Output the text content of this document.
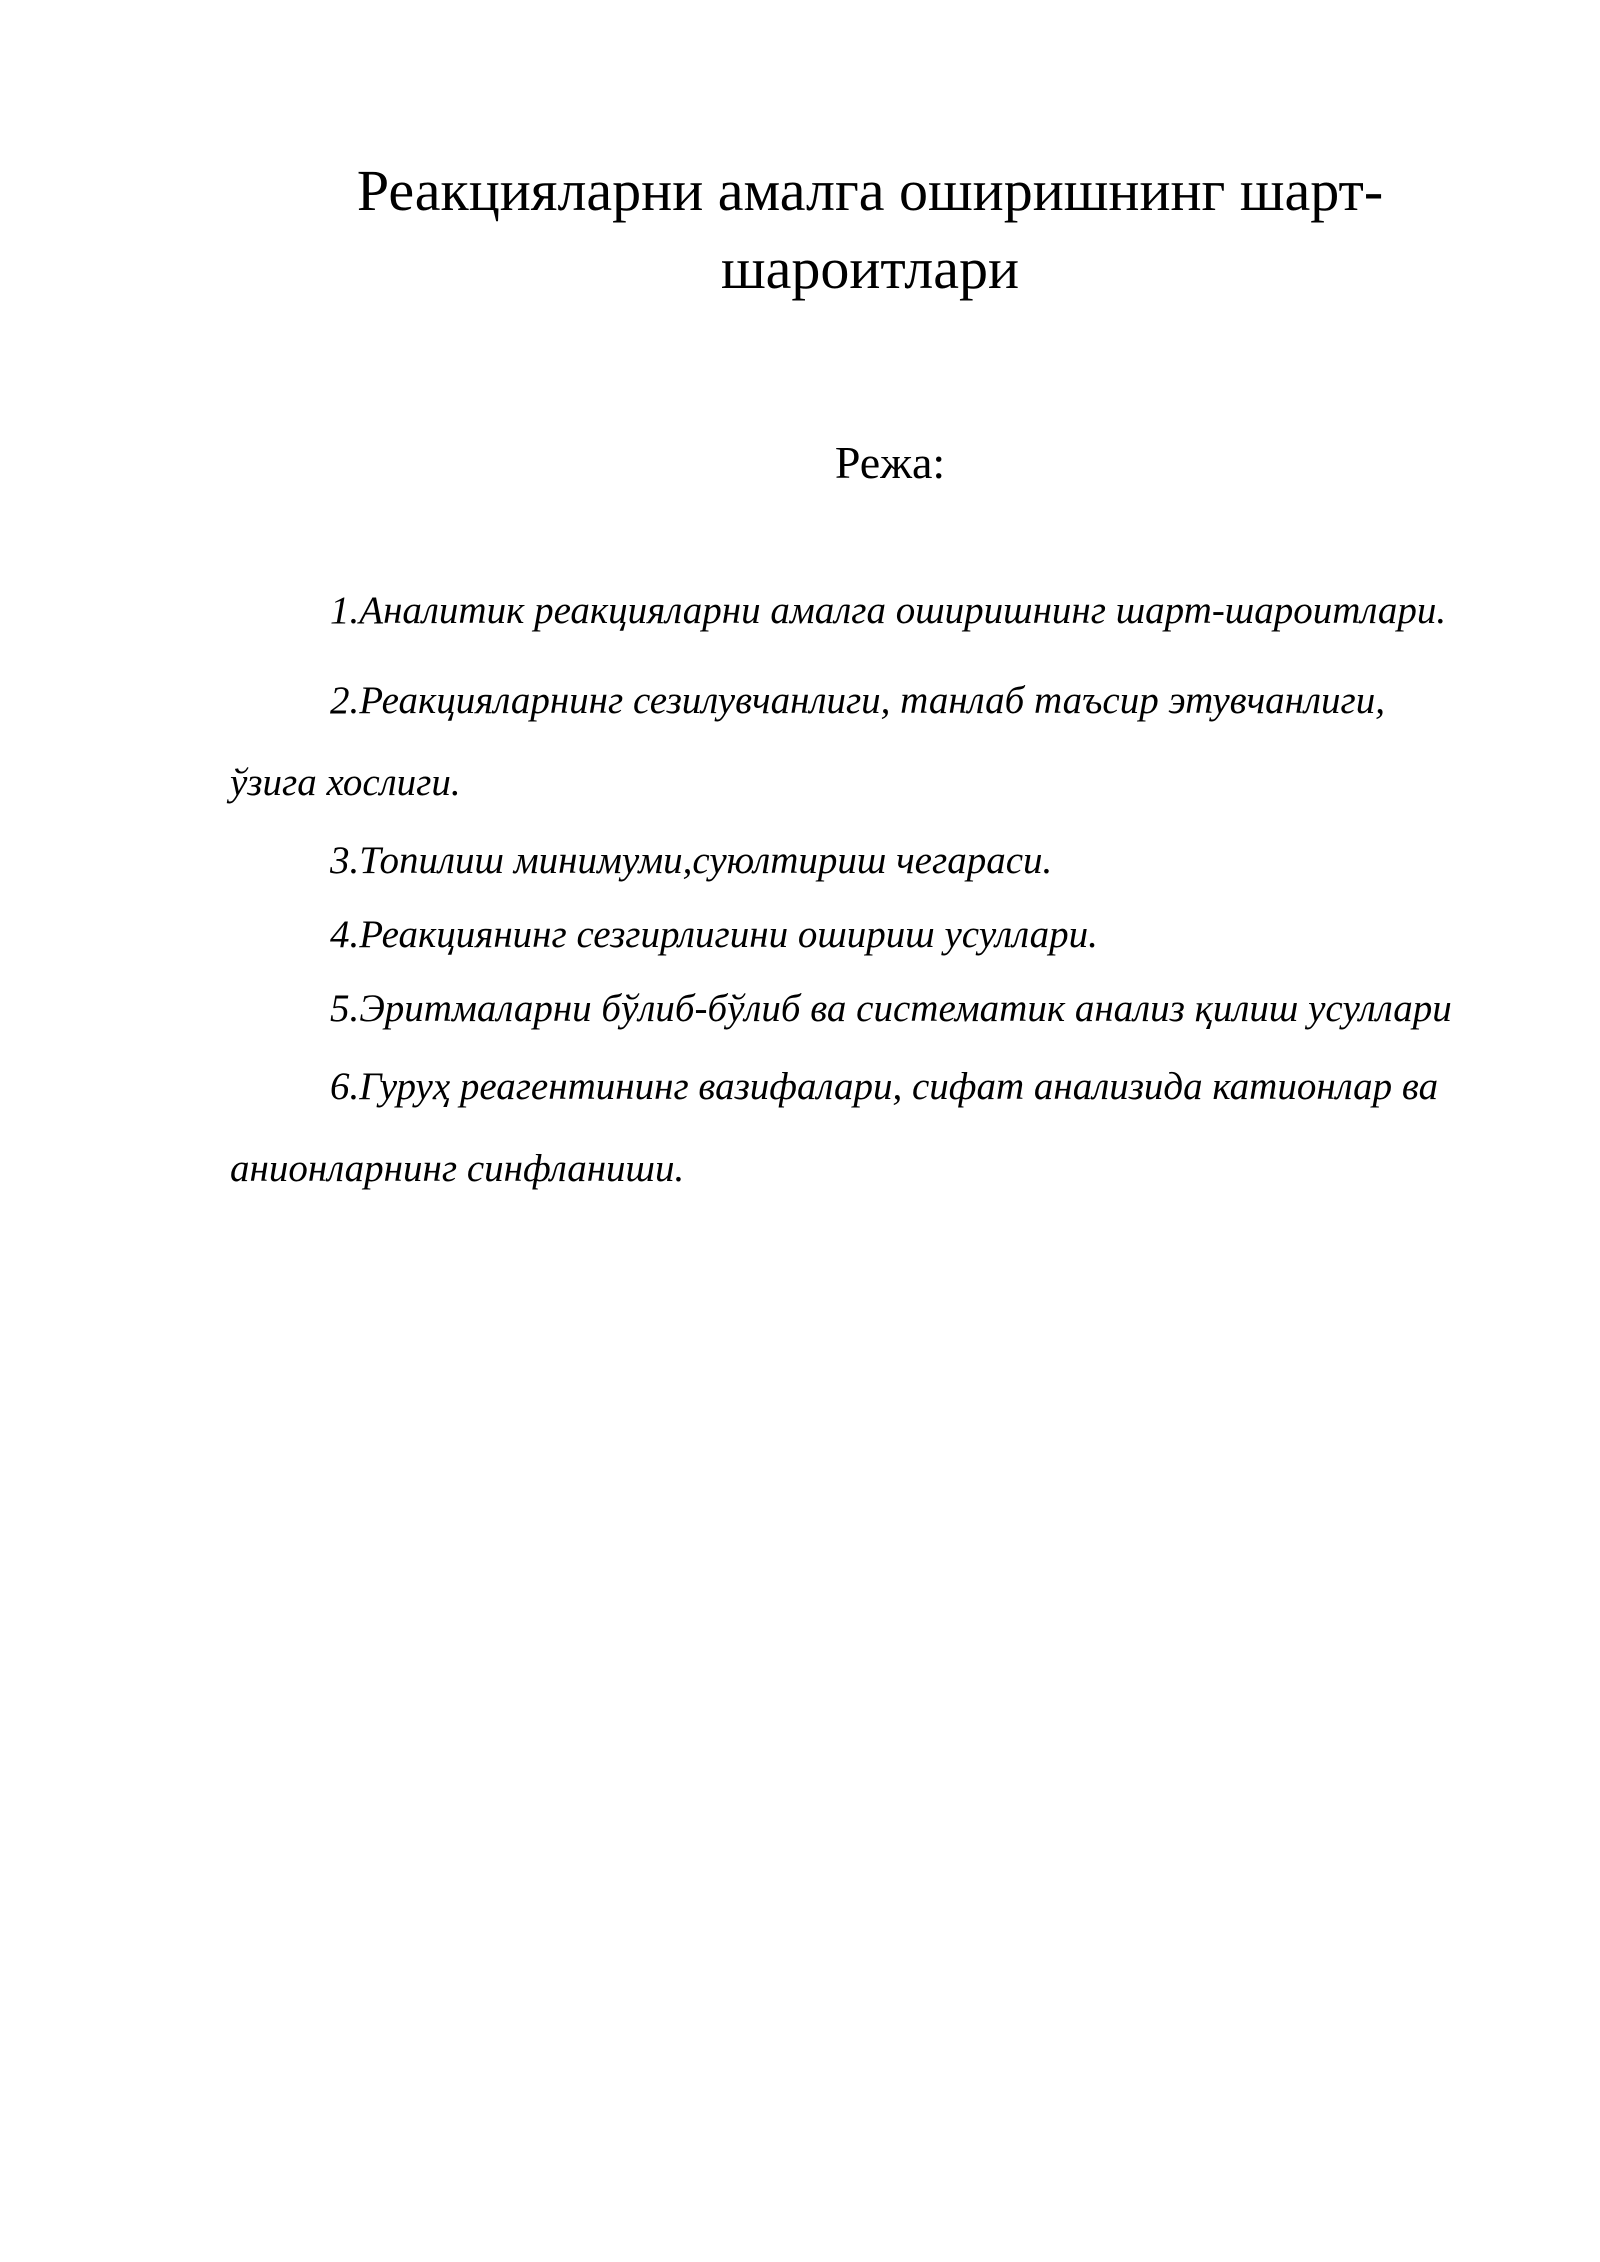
Реакцияларни амалга оширишнинг шарт-шароитлари
Режа:
1.Аналитик реакцияларни амалга оширишнинг шарт-шароитлари.
2.Реакцияларнинг сезилувчанлиги, танлаб таъсир этувчанлиги, ўзига хослиги.
3.Топилиш минимуми,суюлтириш чегараси.
4.Реакциянинг сезгирлигини ошириш усуллари.
5.Эритмаларни бўлиб-бўлиб ва систематик анализ қилиш усуллари
6.Гуруҳ реагентининг вазифалари, сифат анализида катионлар ва анионларнинг синфланиши.
